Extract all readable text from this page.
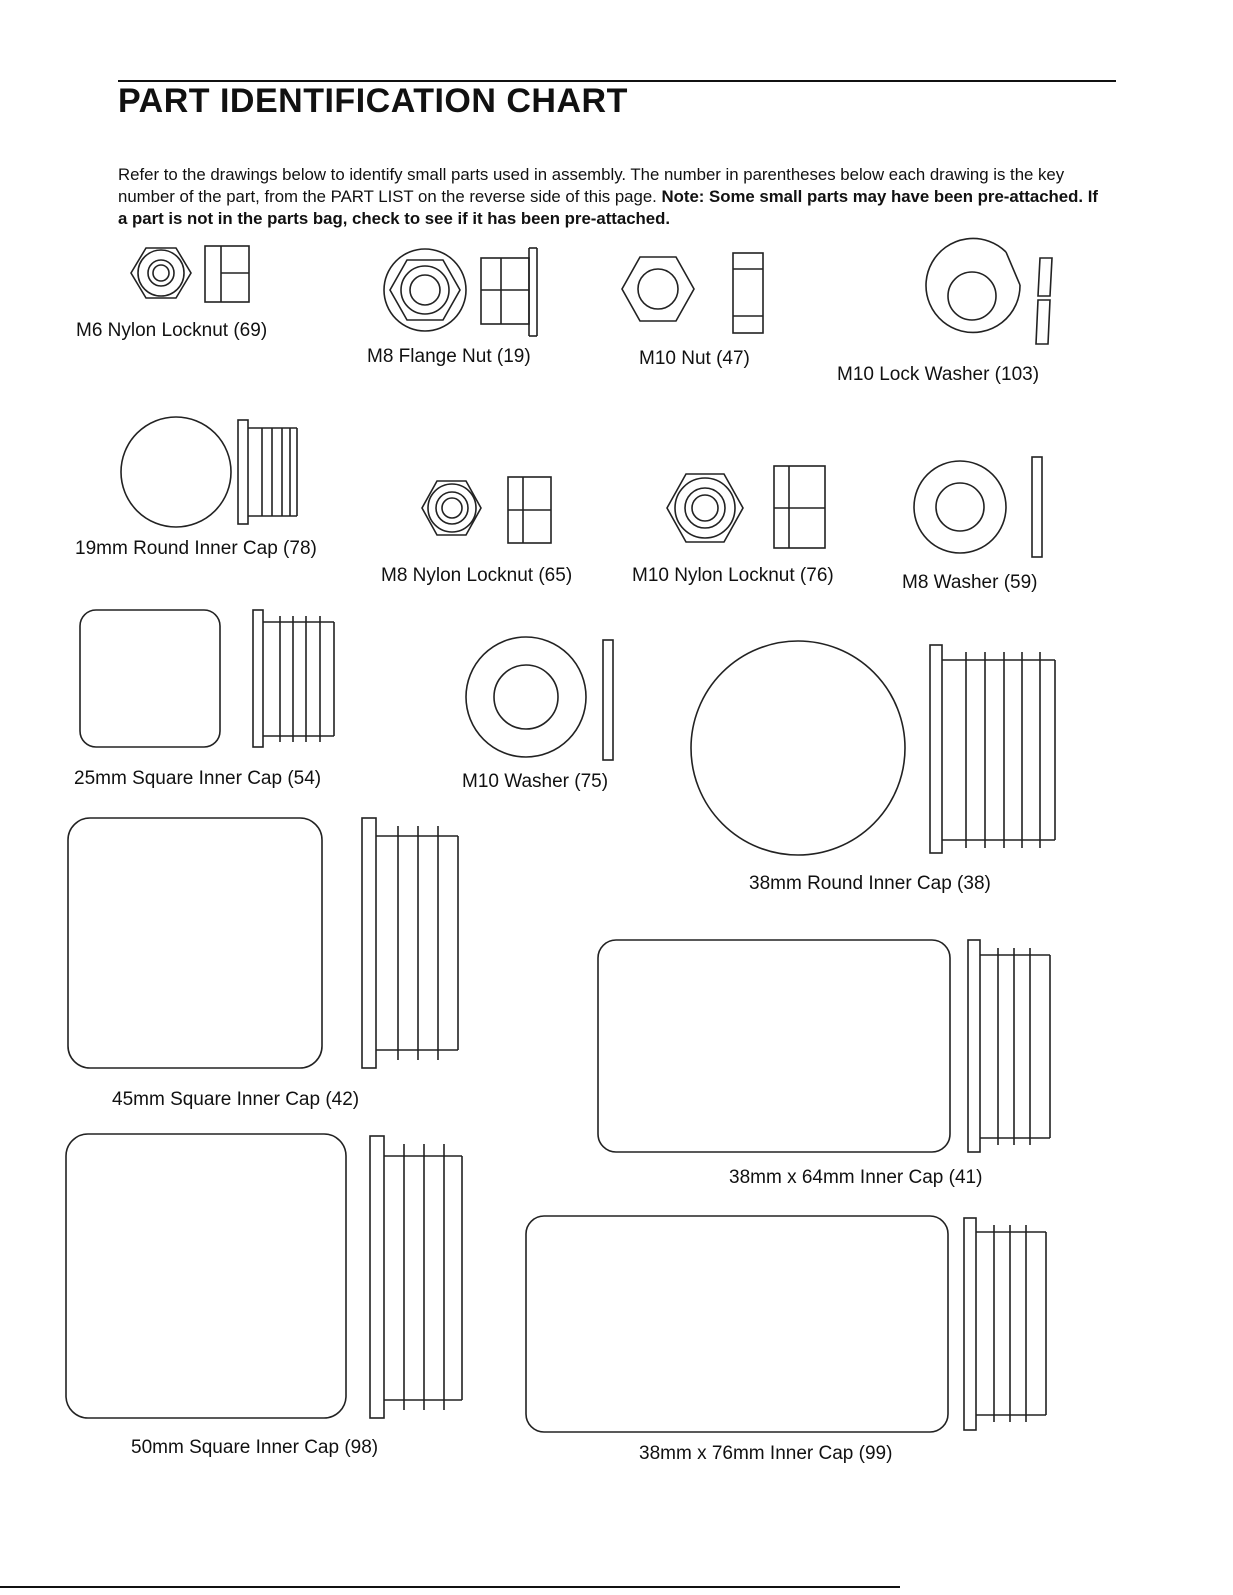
PART IDENTIFICATION CHART

Refer to the drawings below to identify small parts used in assembly. The number in parentheses below each drawing is the key number of the part, from the PART LIST on the reverse side of this page. Note: Some small parts may have been pre-attached. If a part is not in the parts bag, check to see if it has been pre-attached.

M6 Nylon Locknut (69)
M8 Flange Nut (19)	M10 Nut (47)
M10 Lock Washer (103)
19mm Round Inner Cap (78)
M8 Nylon Locknut (65)	M10 Nylon Locknut (76)	M8 Washer (59)
25mm Square Inner Cap (54)	M10 Washer (75)
38mm Round Inner Cap (38)
45mm Square Inner Cap (42)
38mm x 64mm Inner Cap (41)
50mm Square Inner Cap (98)	38mm x 76mm Inner Cap (99)
